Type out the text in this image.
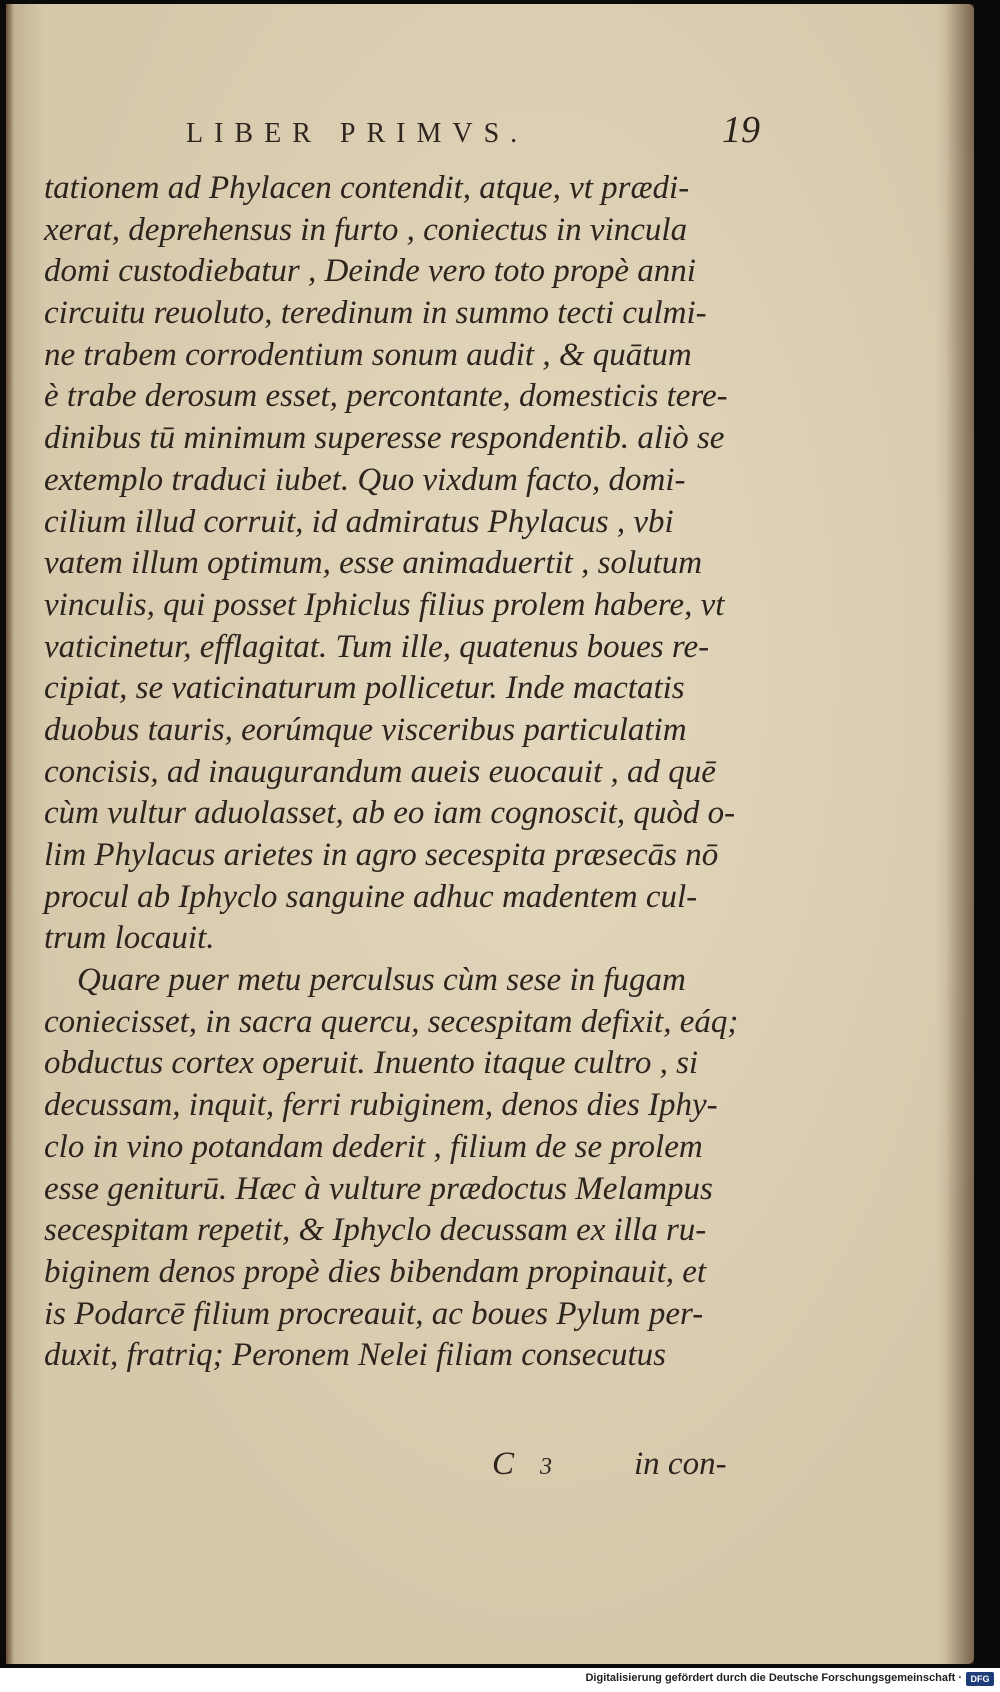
LIBER PRIMVS.	19
tationem ad Phylacen contendit, atque, vt prædi-
xerat, deprehensus in furto , coniectus in vincula
domi custodiebatur , Deinde vero toto propè anni
circuitu reuoluto, teredinum in summo tecti culmi-
ne trabem corrodentium sonum audit , & quātum
è trabe derosum esset, percontante, domesticis tere-
dinibus tū minimum superesse respondentib. aliò se
extemplo traduci iubet. Quo vixdum facto, domi-
cilium illud corruit, id admiratus Phylacus , vbi
vatem illum optimum, esse animaduertit , solutum
vinculis, qui posset Iphiclus filius prolem habere, vt
vaticinetur, efflagitat. Tum ille, quatenus boues re-
cipiat, se vaticinaturum pollicetur. Inde mactatis
duobus tauris, eorúmque visceribus particulatim
concisis, ad inaugurandum aueis euocauit , ad quē
cùm vultur aduolasset, ab eo iam cognoscit, quòd o-
lim Phylacus arietes in agro secespita præsecās nō
procul ab Iphyclo sanguine adhuc madentem cul-
trum locauit.
Quare puer metu perculsus cùm sese in fugam
coniecisset, in sacra quercu, secespitam defixit, eáq;
obductus cortex operuit. Inuento itaque cultro , si
decussam, inquit, ferri rubiginem, denos dies Iphy-
clo in vino potandam dederit , filium de se prolem
esse geniturū. Hæc à vulture prædoctus Melampus
secespitam repetit, & Iphyclo decussam ex illa ru-
biginem denos propè dies bibendam propinauit, et
is Podarcē filium procreauit, ac boues Pylum per-
duxit, fratriq; Peronem Nelei filiam consecutus
C 3 in con-
Digitalisierung gefördert durch die Deutsche Forschungsgemeinschaft · DFG
